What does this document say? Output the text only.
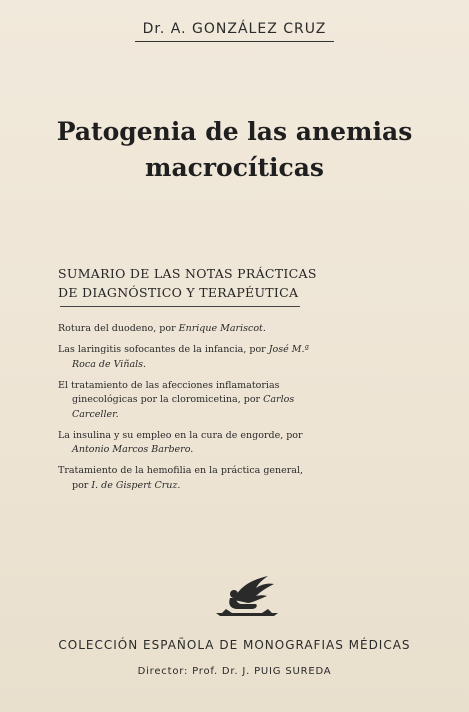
Dr. A. GONZÁLEZ CRUZ
Patogenia de las anemias
macrocíticas
SUMARIO DE LAS NOTAS PRÁCTICAS
DE DIAGNÓSTICO Y TERAPÉUTICA
Rotura del duodeno, por Enrique Mariscot.
Las laringitis sofocantes de la infancia, por José M.ª Roca de Viñals.
El tratamiento de las afecciones inflamatorias ginecológicas por la cloromicetina, por Carlos Carceller.
La insulina y su empleo en la cura de engorde, por Antonio Marcos Barbero.
Tratamiento de la hemofilia en la práctica general, por I. de Gispert Cruz.
COLECCIÓN ESPAÑOLA DE MONOGRAFIAS MÉDICAS
Director: Prof. Dr. J. PUIG SUREDA
